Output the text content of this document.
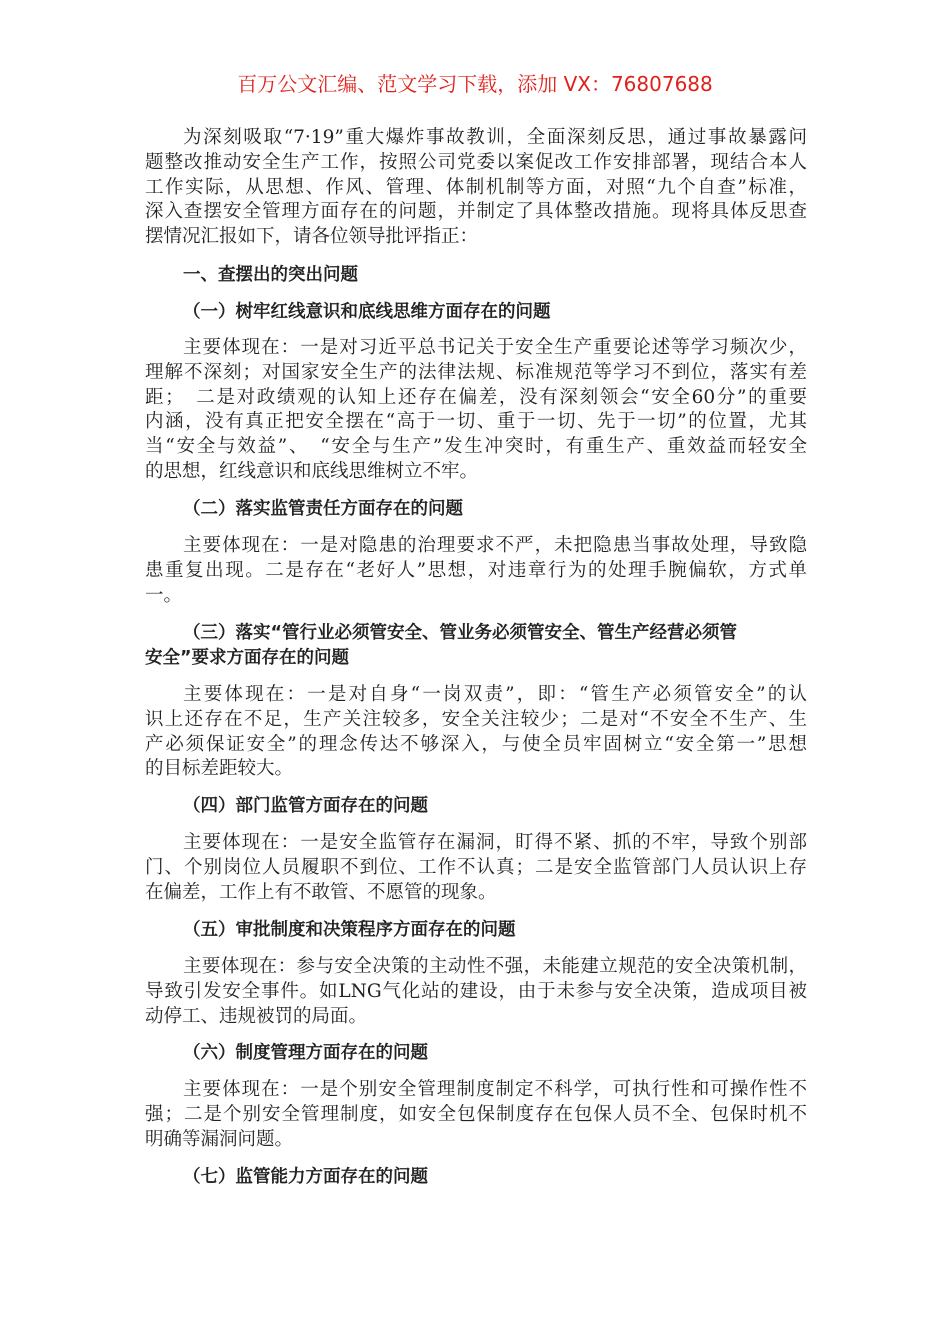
百万公文汇编、范文学习下载，添加 VX：76807688
为深刻吸取“7·19”重大爆炸事故教训，全面深刻反思，通过事故暴露问
题整改推动安全生产工作，按照公司党委以案促改工作安排部署，现结合本人
工作实际，从思想、作风、管理、体制机制等方面，对照“九个自查”标准，
深入查摆安全管理方面存在的问题，并制定了具体整改措施。现将具体反思查
摆情况汇报如下，请各位领导批评指正：
一、查摆出的突出问题
（一）树牢红线意识和底线思维方面存在的问题
主要体现在：一是对习近平总书记关于安全生产重要论述等学习频次少，
理解不深刻；对国家安全生产的法律法规、标准规范等学习不到位，落实有差
距；　二是对政绩观的认知上还存在偏差，没有深刻领会“安全60分”的重要
内涵，没有真正把安全摆在“高于一切、重于一切、先于一切”的位置，尤其
当“安全与效益”、　“安全与生产”发生冲突时，有重生产、重效益而轻安全
的思想，红线意识和底线思维树立不牢。
（二）落实监管责任方面存在的问题
主要体现在：一是对隐患的治理要求不严，未把隐患当事故处理，导致隐
患重复出现。二是存在“老好人”思想，对违章行为的处理手腕偏软，方式单
一。
（三）落实“管行业必须管安全、管业务必须管安全、管生产经营必须管
安全”要求方面存在的问题
主要体现在：一是对自身“一岗双责”，即：“管生产必须管安全”的认
识上还存在不足，生产关注较多，安全关注较少；二是对“不安全不生产、生
产必须保证安全”的理念传达不够深入，与使全员牢固树立“安全第一”思想
的目标差距较大。
（四）部门监管方面存在的问题
主要体现在：一是安全监管存在漏洞，盯得不紧、抓的不牢，导致个别部
门、个别岗位人员履职不到位、工作不认真；二是安全监管部门人员认识上存
在偏差，工作上有不敢管、不愿管的现象。
（五）审批制度和决策程序方面存在的问题
主要体现在：参与安全决策的主动性不强，未能建立规范的安全决策机制，
导致引发安全事件。如LNG气化站的建设，由于未参与安全决策，造成项目被
动停工、违规被罚的局面。
（六）制度管理方面存在的问题
主要体现在：一是个别安全管理制度制定不科学，可执行性和可操作性不
强；二是个别安全管理制度，如安全包保制度存在包保人员不全、包保时机不
明确等漏洞问题。
（七）监管能力方面存在的问题
